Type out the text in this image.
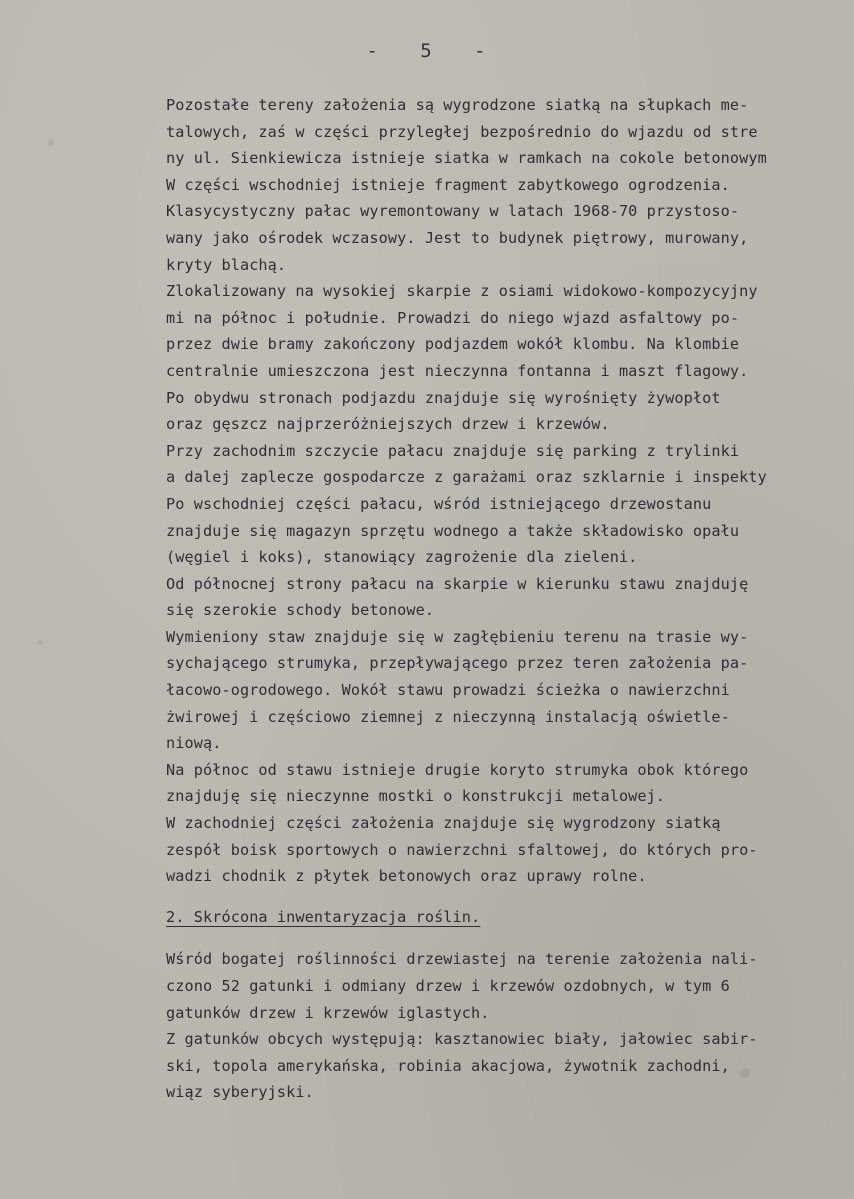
-   5   -
Pozostałe tereny założenia są wygrodzone siatką na słupkach me-
talowych, zaś w części przyległej bezpośrednio do wjazdu od stre
ny ul. Sienkiewicza istnieje siatka w ramkach na cokole betonowym
W części wschodniej istnieje fragment zabytkowego ogrodzenia.
Klasycystyczny pałac wyremontowany w latach 1968-70 przystoso-
wany jako ośrodek wczasowy. Jest to budynek piętrowy, murowany,
kryty blachą.
Zlokalizowany na wysokiej skarpie z osiami widokowo-kompozycyjny
mi na północ i południe. Prowadzi do niego wjazd asfaltowy po-
przez dwie bramy zakończony podjazdem wokół klombu. Na klombie
centralnie umieszczona jest nieczynna fontanna i maszt flagowy.
Po obydwu stronach podjazdu znajduje się wyrośnięty żywopłot
oraz gęszcz najprzeróżniejszych drzew i krzewów.
Przy zachodnim szczycie pałacu znajduje się parking z trylinki
a dalej zaplecze gospodarcze z garażami oraz szklarnie i inspekty
Po wschodniej części pałacu, wśród istniejącego drzewostanu
znajduje się magazyn sprzętu wodnego a także składowisko opału
(węgiel i koks), stanowiący zagrożenie dla zieleni.
Od północnej strony pałacu na skarpie w kierunku stawu znajduję
się szerokie schody betonowe.
Wymieniony staw znajduje się w zagłębieniu terenu na trasie wy-
sychającego strumyka, przepływającego przez teren założenia pa-
łacowo-ogrodowego. Wokół stawu prowadzi ścieżka o nawierzchni
żwirowej i częściowo ziemnej z nieczynną instalacją oświetle-
niową.
Na północ od stawu istnieje drugie koryto strumyka obok którego
znajduję się nieczynne mostki o konstrukcji metalowej.
W zachodniej części założenia znajduje się wygrodzony siatką
zespół boisk sportowych o nawierzchni sfaltowej, do których pro-
wadzi chodnik z płytek betonowych oraz uprawy rolne.
2. Skrócona inwentaryzacja roślin.
Wśród bogatej roślinności drzewiastej na terenie założenia nali-
czono 52 gatunki i odmiany drzew i krzewów ozdobnych, w tym 6
gatunków drzew i krzewów iglastych.
Z gatunków obcych występują: kasztanowiec biały, jałowiec sabir-
ski, topola amerykańska, robinia akacjowa, żywotnik zachodni,
wiąz syberyjski.
